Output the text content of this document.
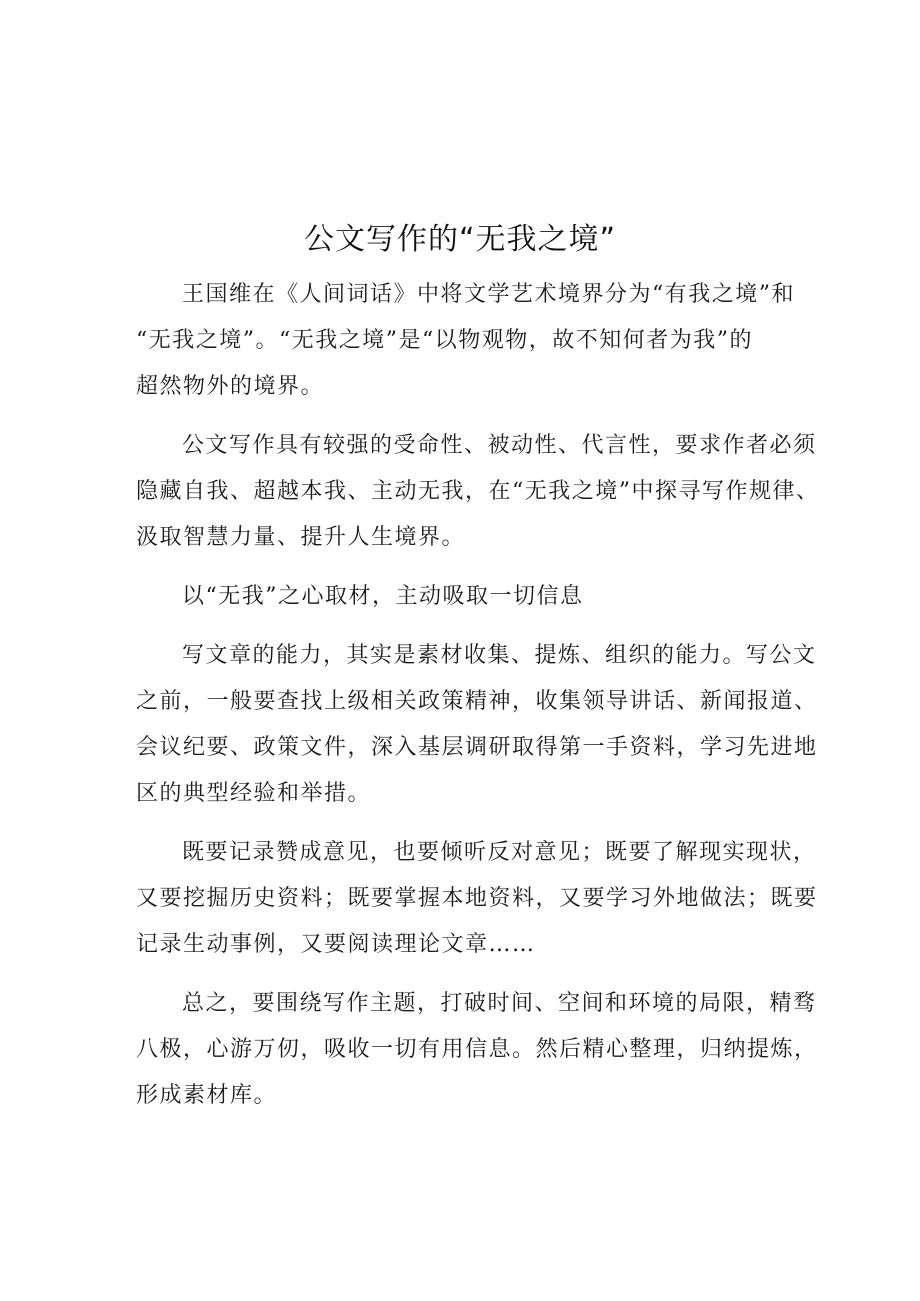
公文写作的“无我之境”
王国维在《人间词话》中将文学艺术境界分为“有我之境”和
“无我之境”。“无我之境”是“以物观物，故不知何者为我”的
超然物外的境界。
公文写作具有较强的受命性、被动性、代言性，要求作者必须
隐藏自我、超越本我、主动无我，在“无我之境”中探寻写作规律、
汲取智慧力量、提升人生境界。
以“无我”之心取材，主动吸取一切信息
写文章的能力，其实是素材收集、提炼、组织的能力。写公文
之前，一般要查找上级相关政策精神，收集领导讲话、新闻报道、
会议纪要、政策文件，深入基层调研取得第一手资料，学习先进地
区的典型经验和举措。
既要记录赞成意见，也要倾听反对意见；既要了解现实现状，
又要挖掘历史资料；既要掌握本地资料，又要学习外地做法；既要
记录生动事例，又要阅读理论文章……
总之，要围绕写作主题，打破时间、空间和环境的局限，精骛
八极，心游万仞，吸收一切有用信息。然后精心整理，归纳提炼，
形成素材库。
